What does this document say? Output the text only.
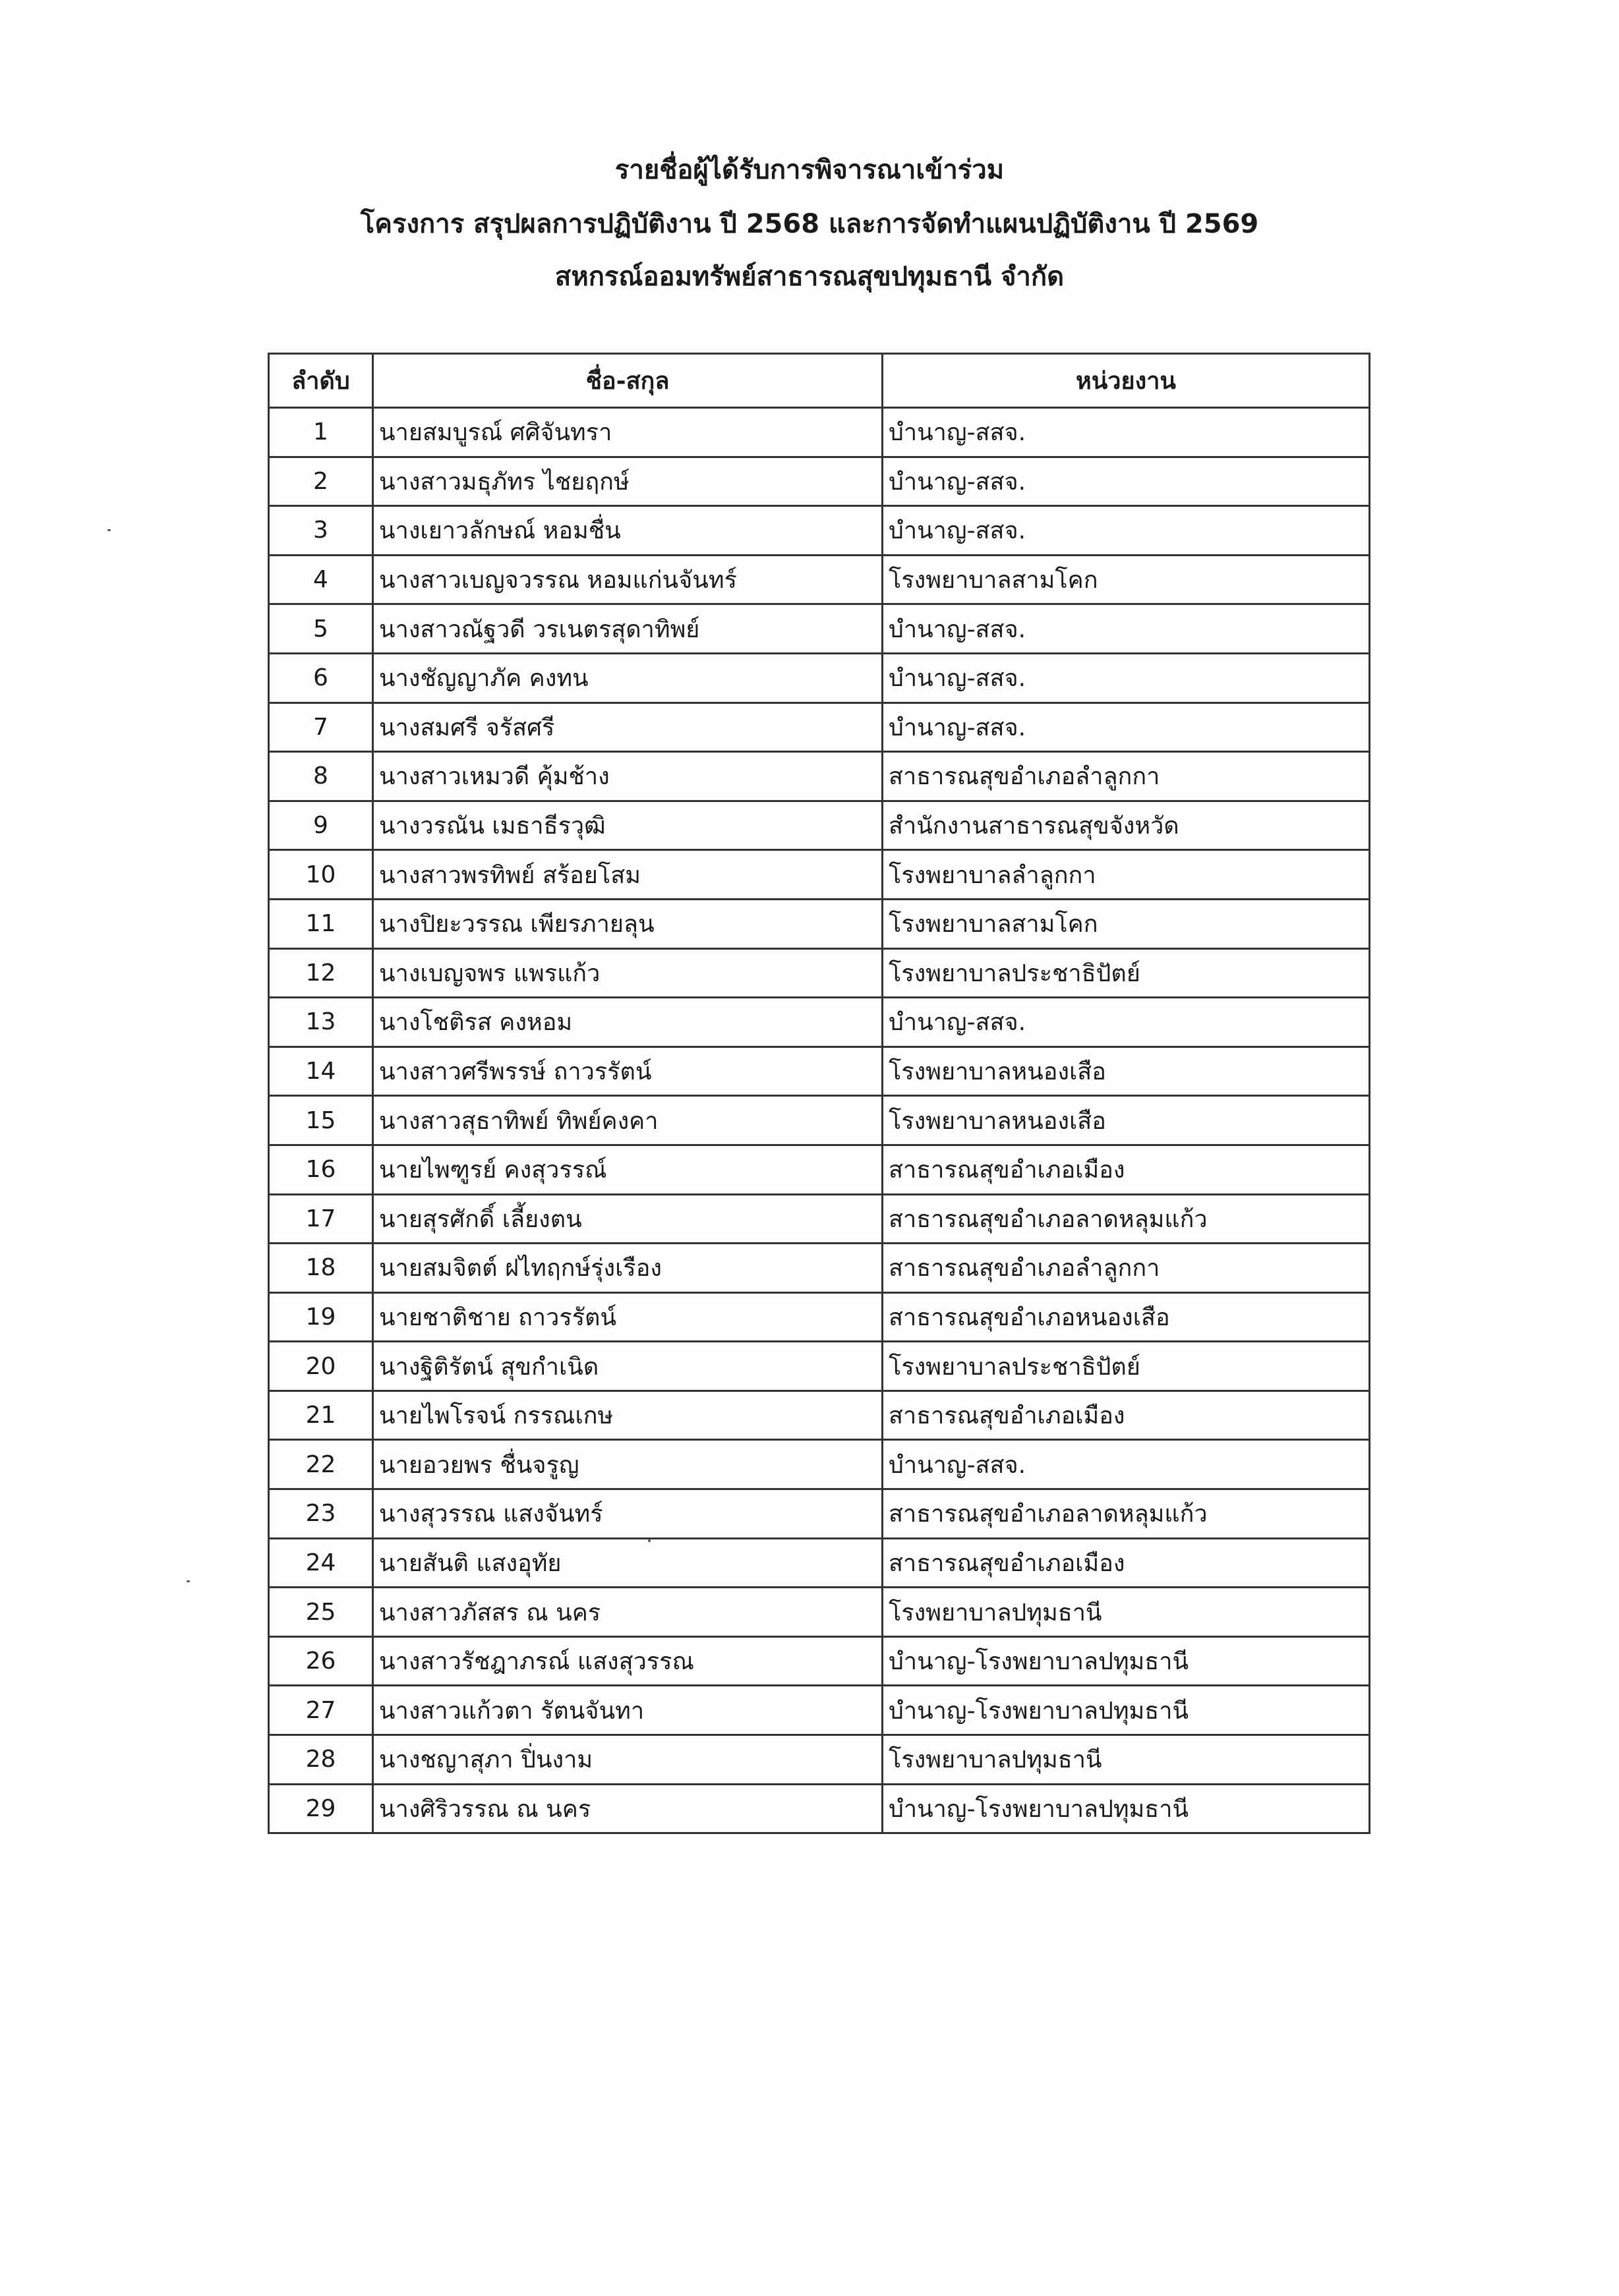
รายชื่อผู้ได้รับการพิจารณาเข้าร่วม
โครงการ สรุปผลการปฏิบัติงาน ปี 2568 และการจัดทำแผนปฏิบัติงาน ปี 2569
สหกรณ์ออมทรัพย์สาธารณสุขปทุมธานี จำกัด
ลำดับ	ชื่อ-สกุล	หน่วยงาน
1	นายสมบูรณ์ ศศิจันทรา	บำนาญ-สสจ.
2	นางสาวมธุภัทร ไชยฤกษ์	บำนาญ-สสจ.
3	นางเยาวลักษณ์ หอมชื่น	บำนาญ-สสจ.
4	นางสาวเบญจวรรณ หอมแก่นจันทร์	โรงพยาบาลสามโคก
5	นางสาวณัฐวดี วรเนตรสุดาทิพย์	บำนาญ-สสจ.
6	นางชัญญาภัค คงทน	บำนาญ-สสจ.
7	นางสมศรี จรัสศรี	บำนาญ-สสจ.
8	นางสาวเหมวดี คุ้มช้าง	สาธารณสุขอำเภอลำลูกกา
9	นางวรณัน เมธาธีรวุฒิ	สำนักงานสาธารณสุขจังหวัด
10	นางสาวพรทิพย์ สร้อยโสม	โรงพยาบาลลำลูกกา
11	นางปิยะวรรณ เพียรภายลุน	โรงพยาบาลสามโคก
12	นางเบญจพร แพรแก้ว	โรงพยาบาลประชาธิปัตย์
13	นางโชติรส คงหอม	บำนาญ-สสจ.
14	นางสาวศรีพรรษ์ ถาวรรัตน์	โรงพยาบาลหนองเสือ
15	นางสาวสุธาทิพย์ ทิพย์คงคา	โรงพยาบาลหนองเสือ
16	นายไพฑูรย์ คงสุวรรณ์	สาธารณสุขอำเภอเมือง
17	นายสุรศักดิ์ เลี้ยงตน	สาธารณสุขอำเภอลาดหลุมแก้ว
18	นายสมจิตต์ ฝไทฤกษ์รุ่งเรือง	สาธารณสุขอำเภอลำลูกกา
19	นายชาติชาย ถาวรรัตน์	สาธารณสุขอำเภอหนองเสือ
20	นางฐิติรัตน์ สุขกำเนิด	โรงพยาบาลประชาธิปัตย์
21	นายไพโรจน์ กรรณเกษ	สาธารณสุขอำเภอเมือง
22	นายอวยพร ชื่นจรูญ	บำนาญ-สสจ.
23	นางสุวรรณ แสงจันทร์	สาธารณสุขอำเภอลาดหลุมแก้ว
24	นายสันติ แสงอุทัย	สาธารณสุขอำเภอเมือง
25	นางสาวภัสสร ณ นคร	โรงพยาบาลปทุมธานี
26	นางสาวรัชฎาภรณ์ แสงสุวรรณ	บำนาญ-โรงพยาบาลปทุมธานี
27	นางสาวแก้วตา รัตนจันทา	บำนาญ-โรงพยาบาลปทุมธานี
28	นางชญาสุภา ปิ่นงาม	โรงพยาบาลปทุมธานี
29	นางศิริวรรณ ณ นคร	บำนาญ-โรงพยาบาลปทุมธานี
